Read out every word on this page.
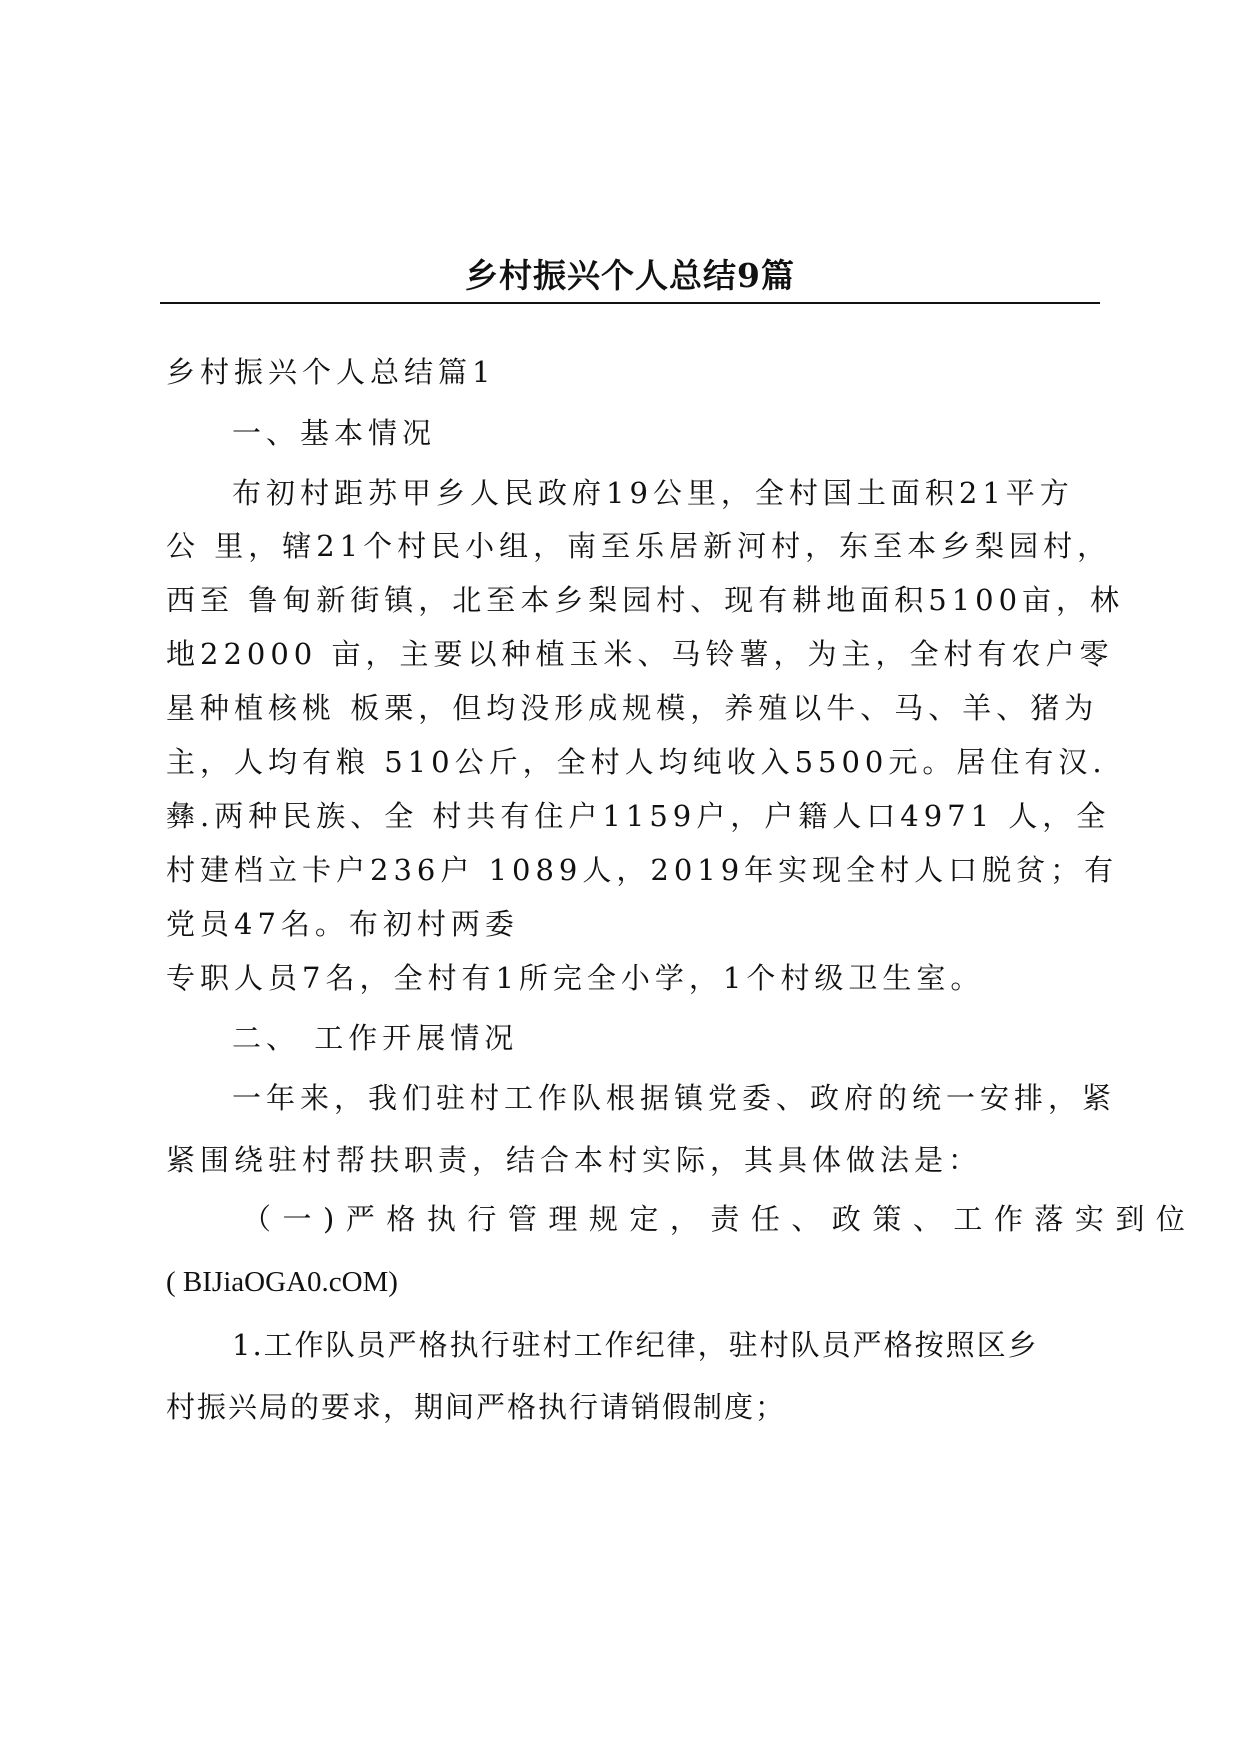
乡村振兴个人总结9篇
乡村振兴个人总结篇1
一、基本情况
布初村距苏甲乡人民政府19公里，全村国土面积21平方
公 里，辖21个村民小组，南至乐居新河村，东至本乡梨园村，
西至 鲁甸新街镇，北至本乡梨园村、现有耕地面积5100亩，林
地22000 亩，主要以种植玉米、马铃薯，为主，全村有农户零
星种植核桃 板栗，但均没形成规模，养殖以牛、马、羊、猪为
主，人均有粮 510公斤，全村人均纯收入5500元。居住有汉.
彝.两种民族、全 村共有住户1159户，户籍人口4971 人，全
村建档立卡户236户 1089人，2019年实现全村人口脱贫；有
党员47名。布初村两委
专职人员7名，全村有1所完全小学，1个村级卫生室。
二、 工作开展情况
一年来，我们驻村工作队根据镇党委、政府的统一安排，紧
紧围绕驻村帮扶职责，结合本村实际，其具体做法是：
（一)严格执行管理规定，责任、政策、工作落实到位
( BIJiaOGA0.cOM)
1.工作队员严格执行驻村工作纪律，驻村队员严格按照区乡
村振兴局的要求，期间严格执行请销假制度；
